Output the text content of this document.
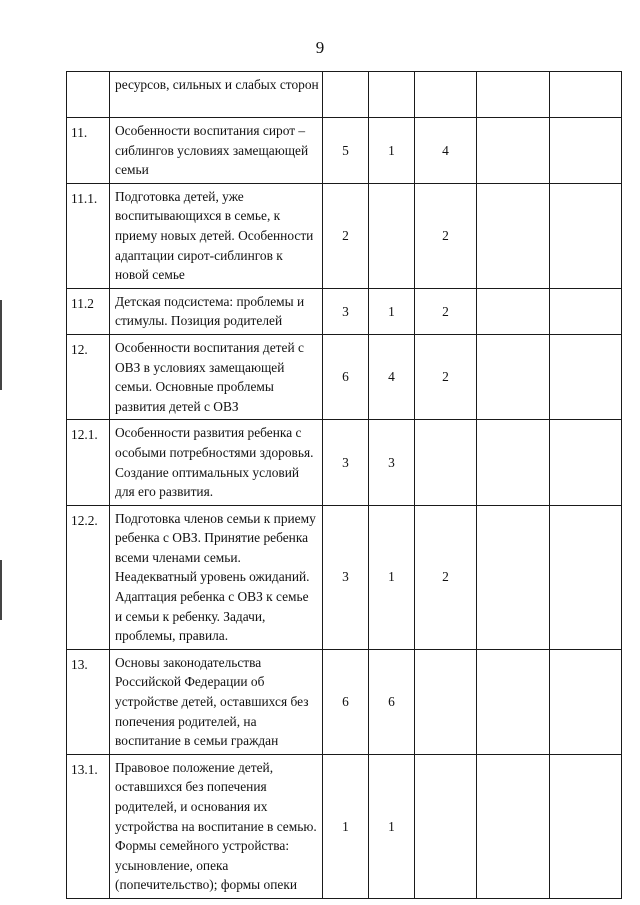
9
	ресурсов, сильных и слабых сторон					
11.	Особенности воспитания сирот – сиблингов условиях замещающей семьи	5	1	4		
11.1.	Подготовка детей, уже воспитывающихся в семье, к приему новых детей. Особенности адаптации сирот-сиблингов к новой семье	2		2		
11.2	Детская подсистема: проблемы и стимулы. Позиция родителей	3	1	2		
12.	Особенности воспитания детей с ОВЗ в условиях замещающей семьи. Основные проблемы развития детей с ОВЗ	6	4	2		
12.1.	Особенности развития ребенка с особыми потребностями здоровья. Создание оптимальных условий для его развития.	3	3			
12.2.	Подготовка членов семьи к приему ребенка с ОВЗ. Принятие ребенка всеми членами семьи. Неадекватный уровень ожиданий. Адаптация ребенка с ОВЗ к семье и семьи к ребенку. Задачи, проблемы, правила.	3	1	2		
13.	Основы законодательства Российской Федерации об устройстве детей, оставшихся без попечения родителей, на воспитание в семьи граждан	6	6			
13.1.	Правовое положение детей, оставшихся без попечения родителей, и основания их устройства на воспитание в семью. Формы семейного устройства: усыновление, опека (попечительство); формы опеки	1	1			
